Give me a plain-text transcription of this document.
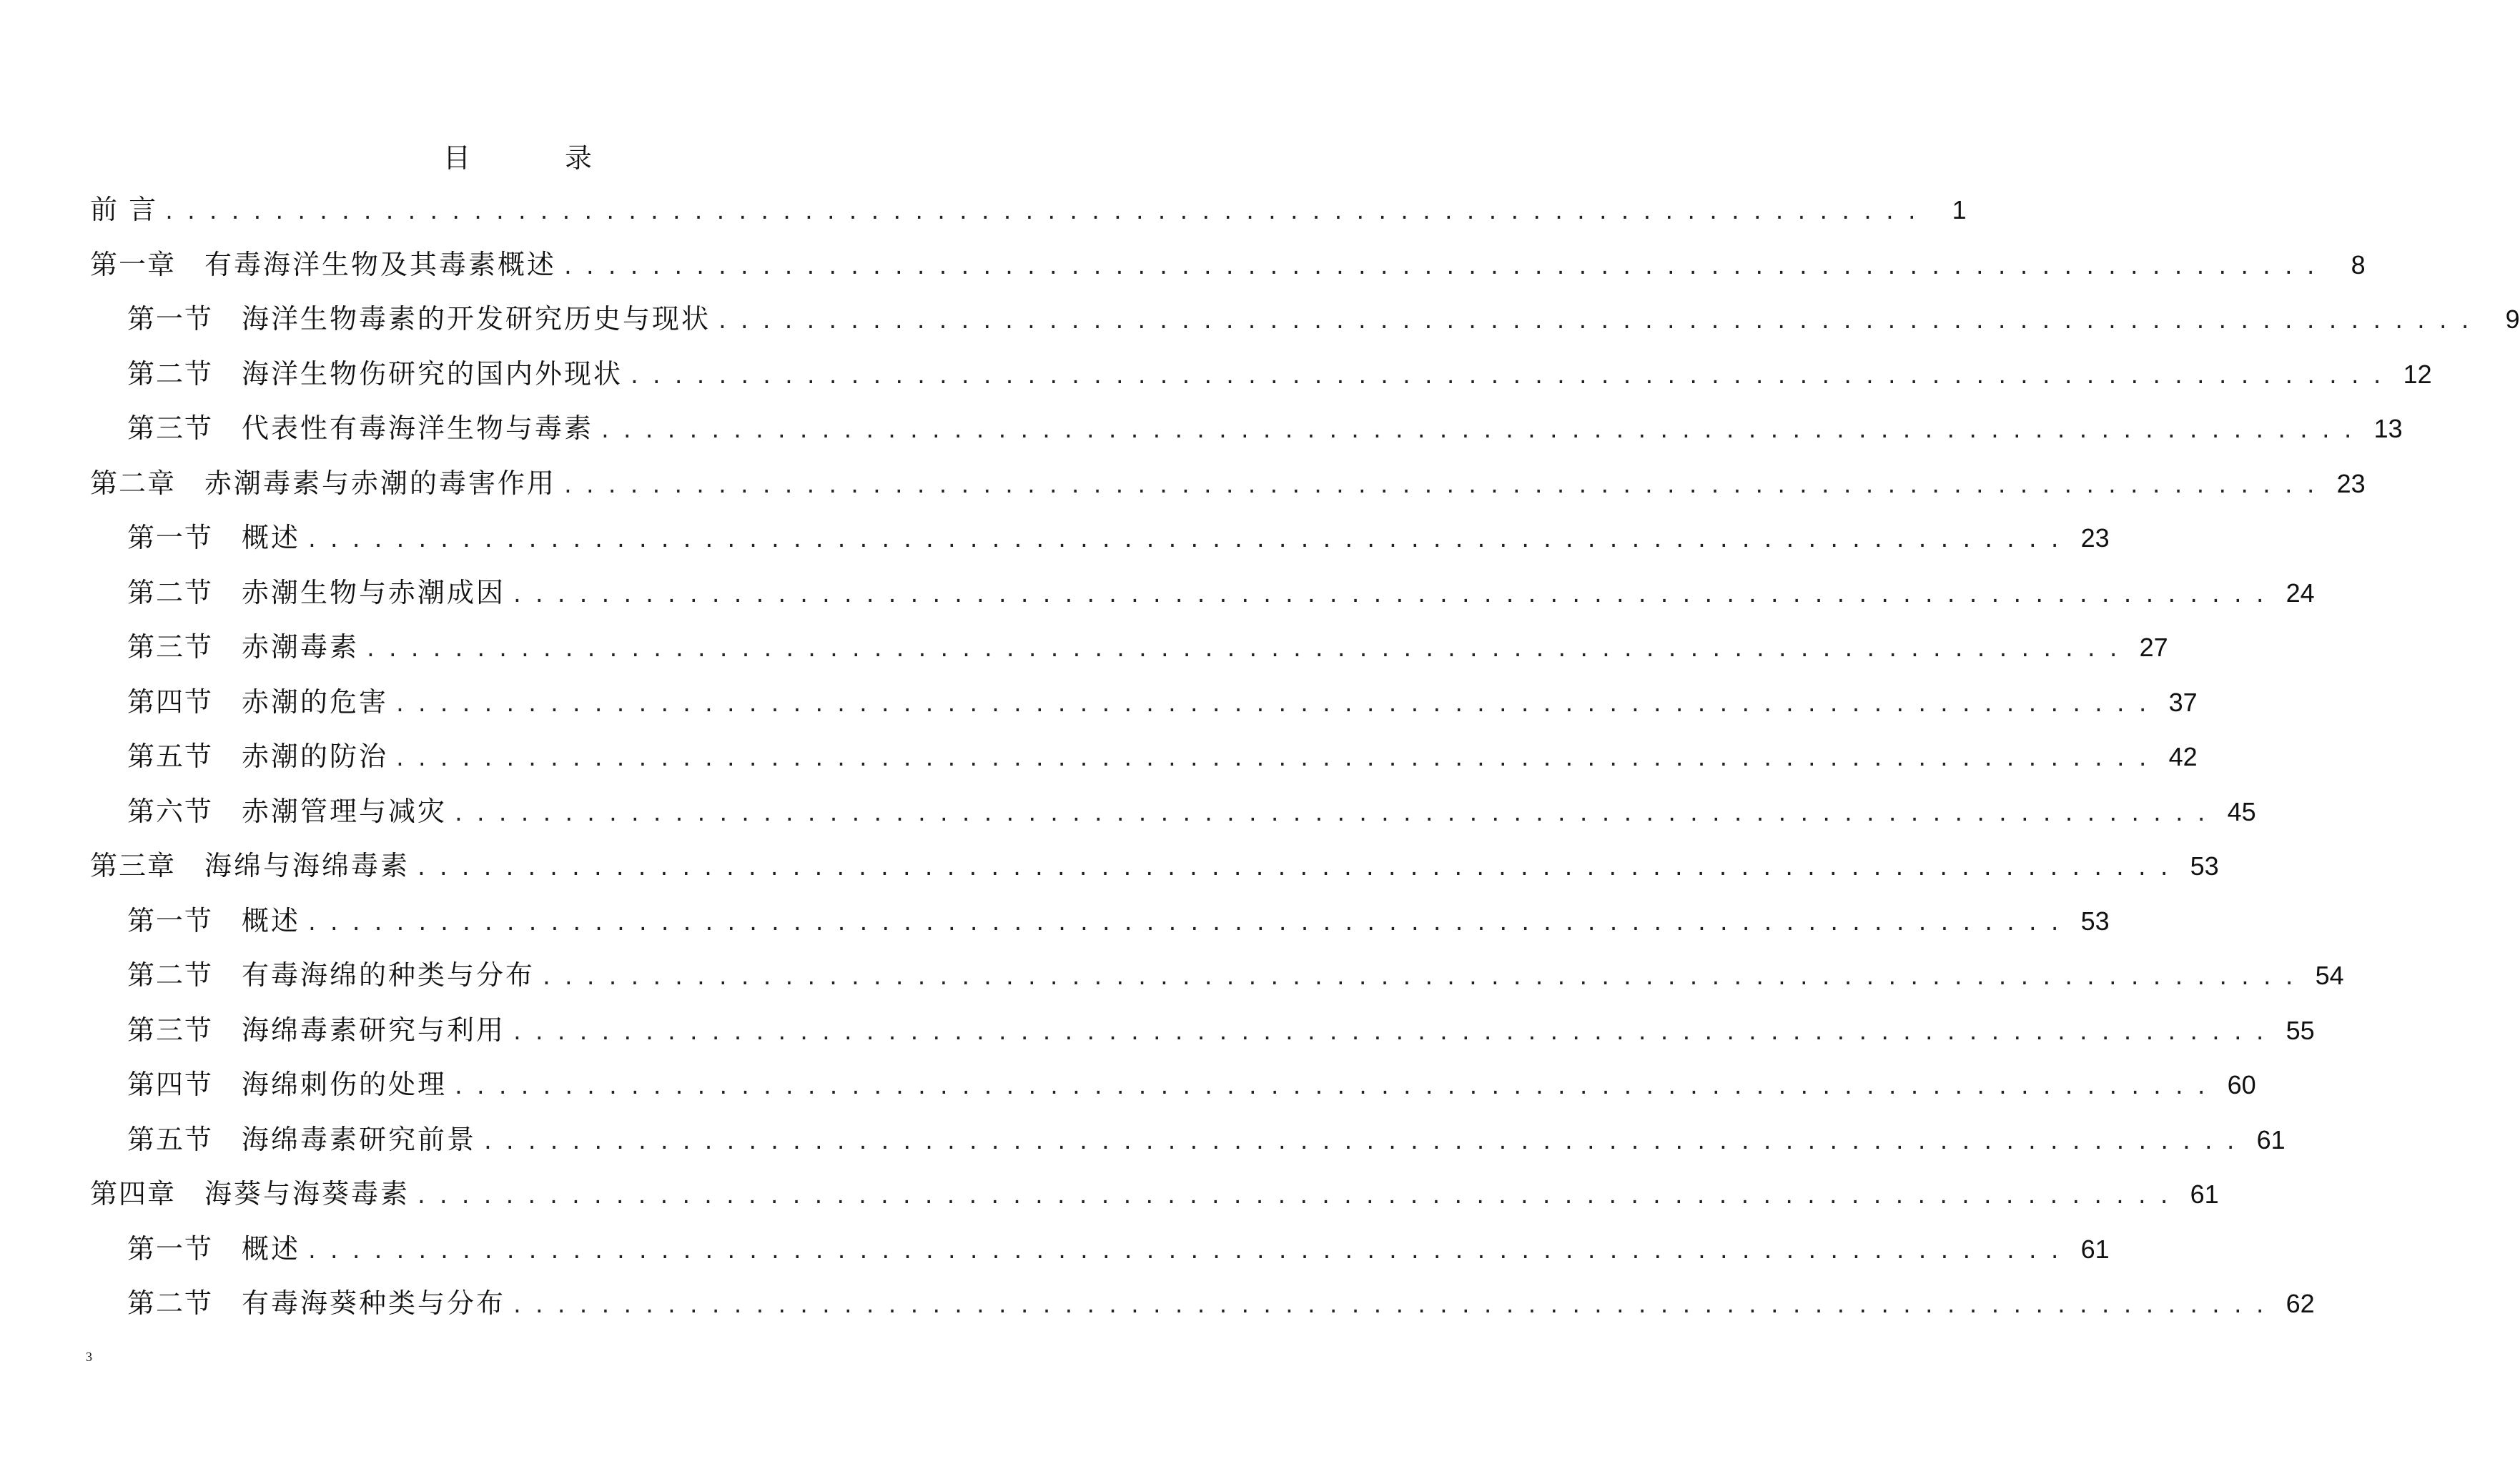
目 录
前 言 ................................................................................ 1
第一章 有毒海洋生物及其毒素概述 ................................................................................ 8
第一节 海洋生物毒素的开发研究历史与现状 ................................................................................ 9
第二节 海洋生物伤研究的国内外现状 ................................................................................ 12
第三节 代表性有毒海洋生物与毒素 ................................................................................ 13
第二章 赤潮毒素与赤潮的毒害作用 ................................................................................ 23
第一节 概述 ................................................................................ 23
第二节 赤潮生物与赤潮成因 ................................................................................ 24
第三节 赤潮毒素 ................................................................................ 27
第四节 赤潮的危害 ................................................................................ 37
第五节 赤潮的防治 ................................................................................ 42
第六节 赤潮管理与减灾 ................................................................................ 45
第三章 海绵与海绵毒素 ................................................................................ 53
第一节 概述 ................................................................................ 53
第二节 有毒海绵的种类与分布 ................................................................................ 54
第三节 海绵毒素研究与利用 ................................................................................ 55
第四节 海绵刺伤的处理 ................................................................................ 60
第五节 海绵毒素研究前景 ................................................................................ 61
第四章 海葵与海葵毒素 ................................................................................ 61
第一节 概述 ................................................................................ 61
第二节 有毒海葵种类与分布 ................................................................................ 62
3
